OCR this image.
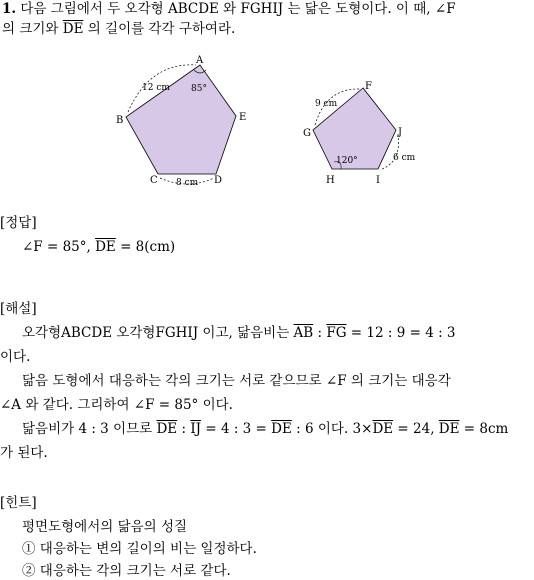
1. 다음 그림에서 두 오각형 ABCDE 와 FGHIJ 는 닮은 도형이다. 이 때, ∠F
의 크기와 $\overline{DE}$ 의 길이를 각각 구하여라.
A
B
C	D
E
85°
12 cm
8 cm
F
G
H	I
J
120°
9 cm
6 cm
[정답]
∠F = 85°, $\overline{DE} = 8(cm)$
[해설]
오각형ABCDE 오각형FGHIJ 이고, 닮음비는 $\overline{AB}$ : $\overline{FG} = 12$ : 9 = 4 : 3
이다.
닮음 도형에서 대응하는 각의 크기는 서로 같으므로 ∠F 의 크기는 대응각
∠A 와 같다. 그리하여 ∠F = 85° 이다.
닮음비가 4 : 3 이므로 $\overline{DE}$ : $\overline{IJ} = 4$ : $3 = \overline{DE}$ : 6 이다. $3\times\overline{DE} = 24$, $\overline{DE} = 8cm$
가 된다.
[힌트]
평면도형에서의 닮음의 성질
① 대응하는 변의 길이의 비는 일정하다.
② 대응하는 각의 크기는 서로 같다.
